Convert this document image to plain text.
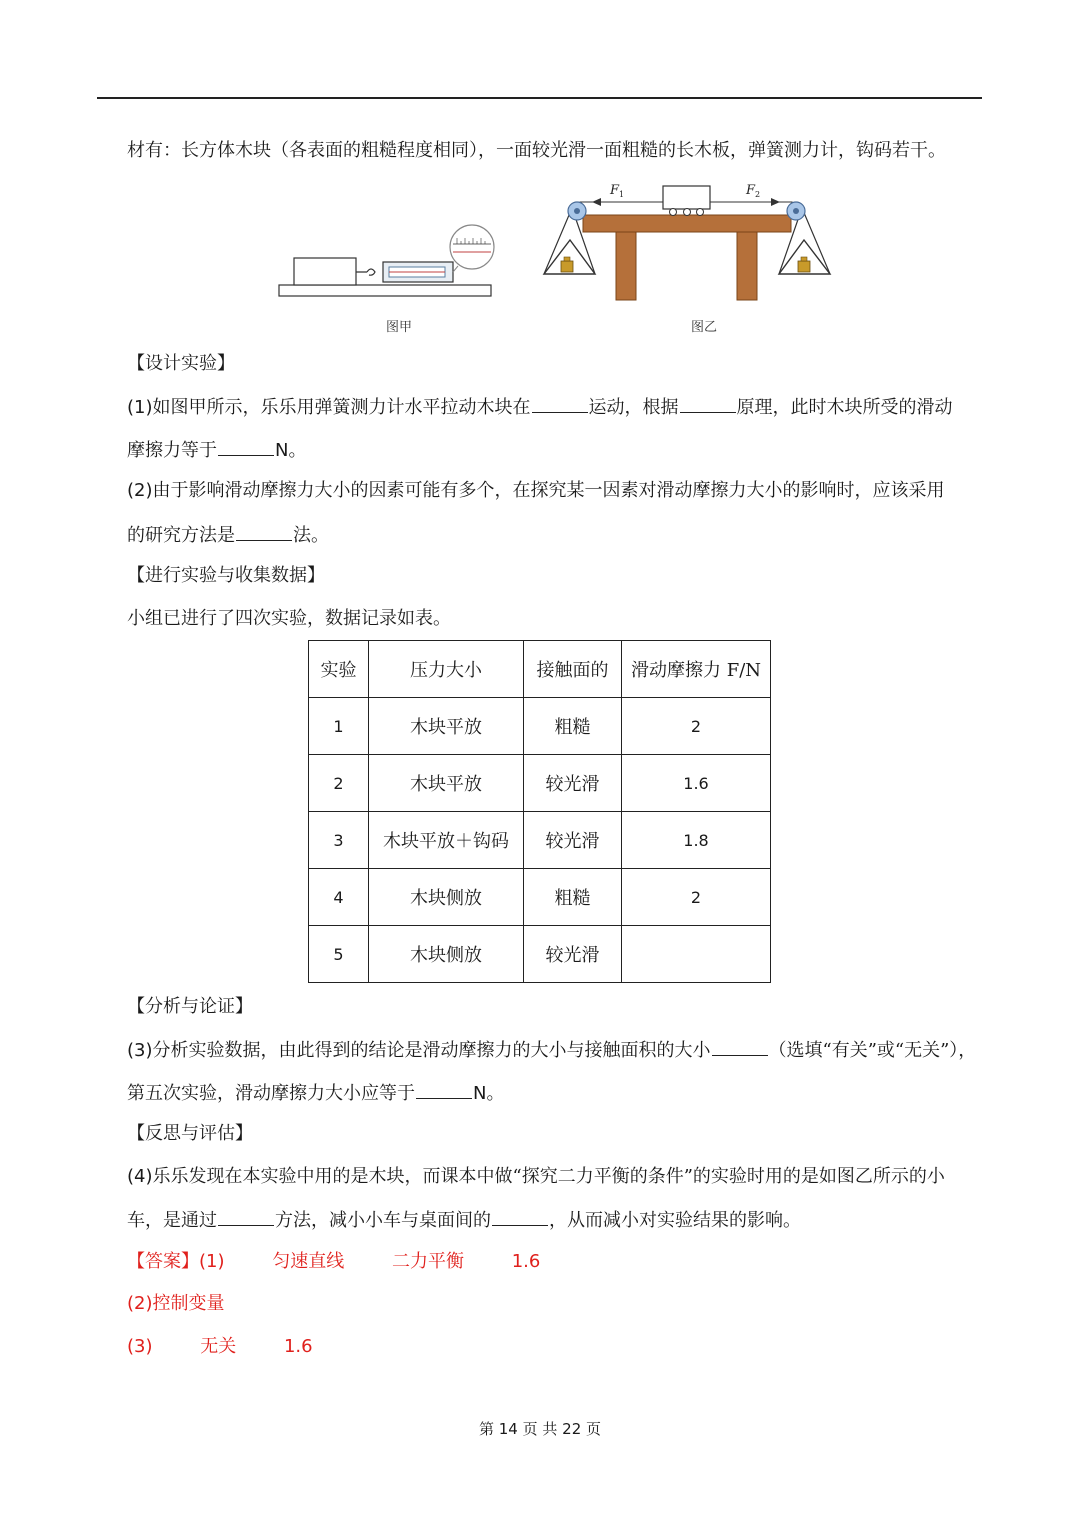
材有：长方体木块（各表面的粗糙程度相同），一面较光滑一面粗糙的长木板，弹簧测力计，钩码若干。
图甲
F 1	F 2
图乙
【设计实验】
(1)如图甲所示，乐乐用弹簧测力计水平拉动木块在	运动，根据	原理，此时木块所受的滑动
摩擦力等于	N。
(2)由于影响滑动摩擦力大小的因素可能有多个，在探究某一因素对滑动摩擦力大小的影响时，应该采用
的研究方法是	法。
【进行实验与收集数据】
小组已进行了四次实验，数据记录如表。
实验	压力大小	接触面的	滑动摩擦力 F/N
1	木块平放	粗糙	2
2	木块平放	较光滑	1.6
3	木块平放＋钩码	较光滑	1.8
4	木块侧放	粗糙	2
5	木块侧放	较光滑	
【分析与论证】
(3)分析实验数据，由此得到的结论是滑动摩擦力的大小与接触面积的大小	（选填“有关”或“无关”），
第五次实验，滑动摩擦力大小应等于	N。
【反思与评估】
(4)乐乐发现在本实验中用的是木块，而课本中做“探究二力平衡的条件”的实验时用的是如图乙所示的小
车，是通过	方法，减小小车与桌面间的	，从而减小对实验结果的影响。
【答案】(1)	匀速直线	二力平衡	1.6
(2)控制变量
(3)	无关	1.6
第 14 页 共 22 页
